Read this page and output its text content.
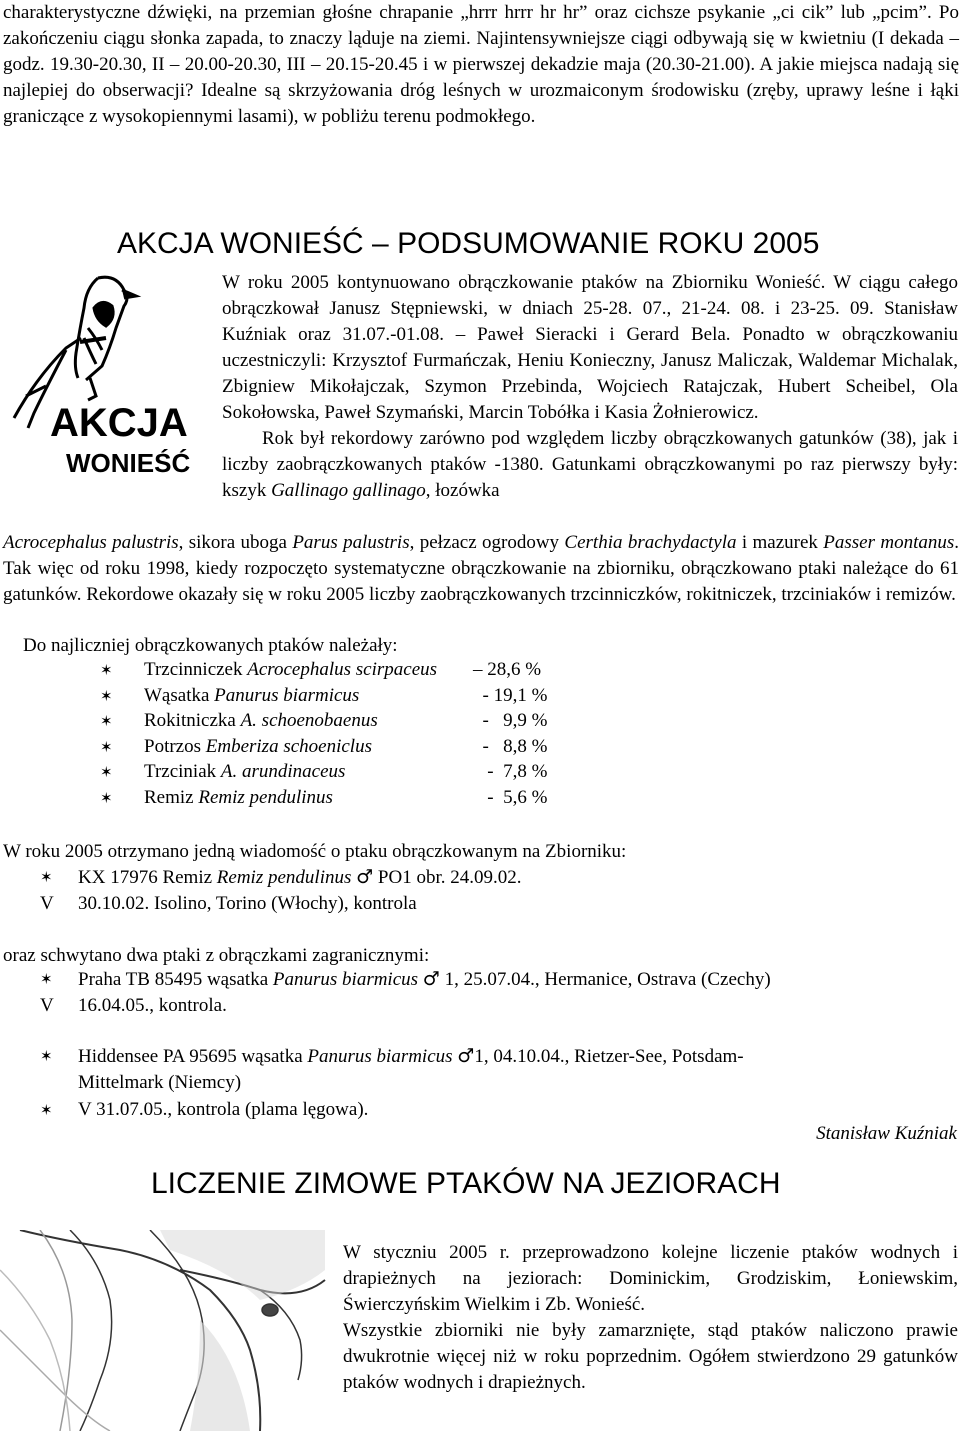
charakterystyczne dźwięki, na przemian głośne chrapanie „hrrr hrrr hr hr” oraz cichsze psykanie „ci cik” lub „pcim”. Po zakończeniu ciągu słonka zapada, to znaczy ląduje na ziemi. Najintensywniejsze ciągi odbywają się w kwietniu (I dekada – godz. 19.30-20.30, II – 20.00-20.30, III – 20.15-20.45 i w pierwszej dekadzie maja (20.30-21.00). A jakie miejsca nadają się najlepiej do obserwacji? Idealne są skrzyżowania dróg leśnych w urozmaiconym środowisku (zręby, uprawy leśne i łąki graniczące z wysokopiennymi lasami), w pobliżu terenu podmokłego.

AKCJA WONIEŚĆ – PODSUMOWANIE ROKU 2005
AKCJA
WONIEŚĆ

W roku 2005 kontynuowano obrączkowanie ptaków na Zbiorniku Wonieść. W ciągu całego obrączkował Janusz Stępniewski, w dniach 25-28. 07., 21-24. 08. i 23-25. 09. Stanisław Kuźniak oraz 31.07.-01.08. – Paweł Sieracki i Gerard Bela. Ponadto w obrączkowaniu uczestniczyli: Krzysztof Furmańczak, Heniu Konieczny, Janusz Maliczak, Waldemar Michalak, Zbigniew Mikołajczak, Szymon Przebinda, Wojciech Ratajczak, Hubert Scheibel, Ola Sokołowska, Paweł Szymański, Marcin Tobółka i Kasia Żołnierowicz.
Rok był rekordowy zarówno pod względem liczby obrączkowanych gatunków (38), jak i liczby zaobrączkowanych ptaków -1380. Gatunkami obrączkowanymi po raz pierwszy były: kszyk Gallinago gallinago, łozówka

Acrocephalus palustris, sikora uboga Parus palustris, pełzacz ogrodowy Certhia brachydactyla i mazurek Passer montanus. Tak więc od roku 1998, kiedy rozpoczęto systematyczne obrączkowanie na zbiorniku, obrączkowano ptaki należące do 61 gatunków. Rekordowe okazały się w roku 2005 liczby zaobrączkowanych trzcinniczków, rokitniczek, trzciniaków i remizów.

Do najliczniej obrączkowanych ptaków należały:

✶ Trzcinniczek Acrocephalus scirpaceus – 28,6 %
✶ Wąsatka Panurus biarmicus	- 19,1 %
✶ Rokitniczka A. schoenobaenus	-   9,9 %
✶ Potrzos Emberiza schoeniclus	-   8,8 %
✶ Trzciniak A. arundinaceus	-  7,8 %
✶ Remiz Remiz pendulinus	-  5,6 %

W roku 2005 otrzymano jedną wiadomość o ptaku obrączkowanym na Zbiorniku:

✶ KX 17976 Remiz Remiz pendulinus ♂ PO1 obr. 24.09.02.
V 30.10.02. Isolino, Torino (Włochy), kontrola

oraz schwytano dwa ptaki z obrączkami zagranicznymi:

✶ Praha TB 85495 wąsatka Panurus biarmicus ♂ 1, 25.07.04., Hermanice, Ostrava (Czechy)
V 16.04.05., kontrola.
✶ Hiddensee PA 95695 wąsatka Panurus biarmicus ♂1, 04.10.04., Rietzer-See, Potsdam-
Mittelmark (Niemcy)
✶ V 31.07.05., kontrola (plama lęgowa).

Stanisław Kuźniak

LICZENIE ZIMOWE PTAKÓW NA JEZIORACH

W styczniu 2005 r. przeprowadzono kolejne liczenie ptaków wodnych i drapieżnych na jeziorach: Dominickim, Grodziskim, Łoniewskim, Świerczyńskim Wielkim i Zb. Wonieść.
Wszystkie zbiorniki nie były zamarznięte, stąd ptaków naliczono prawie dwukrotnie więcej niż w roku poprzednim. Ogółem stwierdzono 29 gatunków ptaków wodnych i drapieżnych.
